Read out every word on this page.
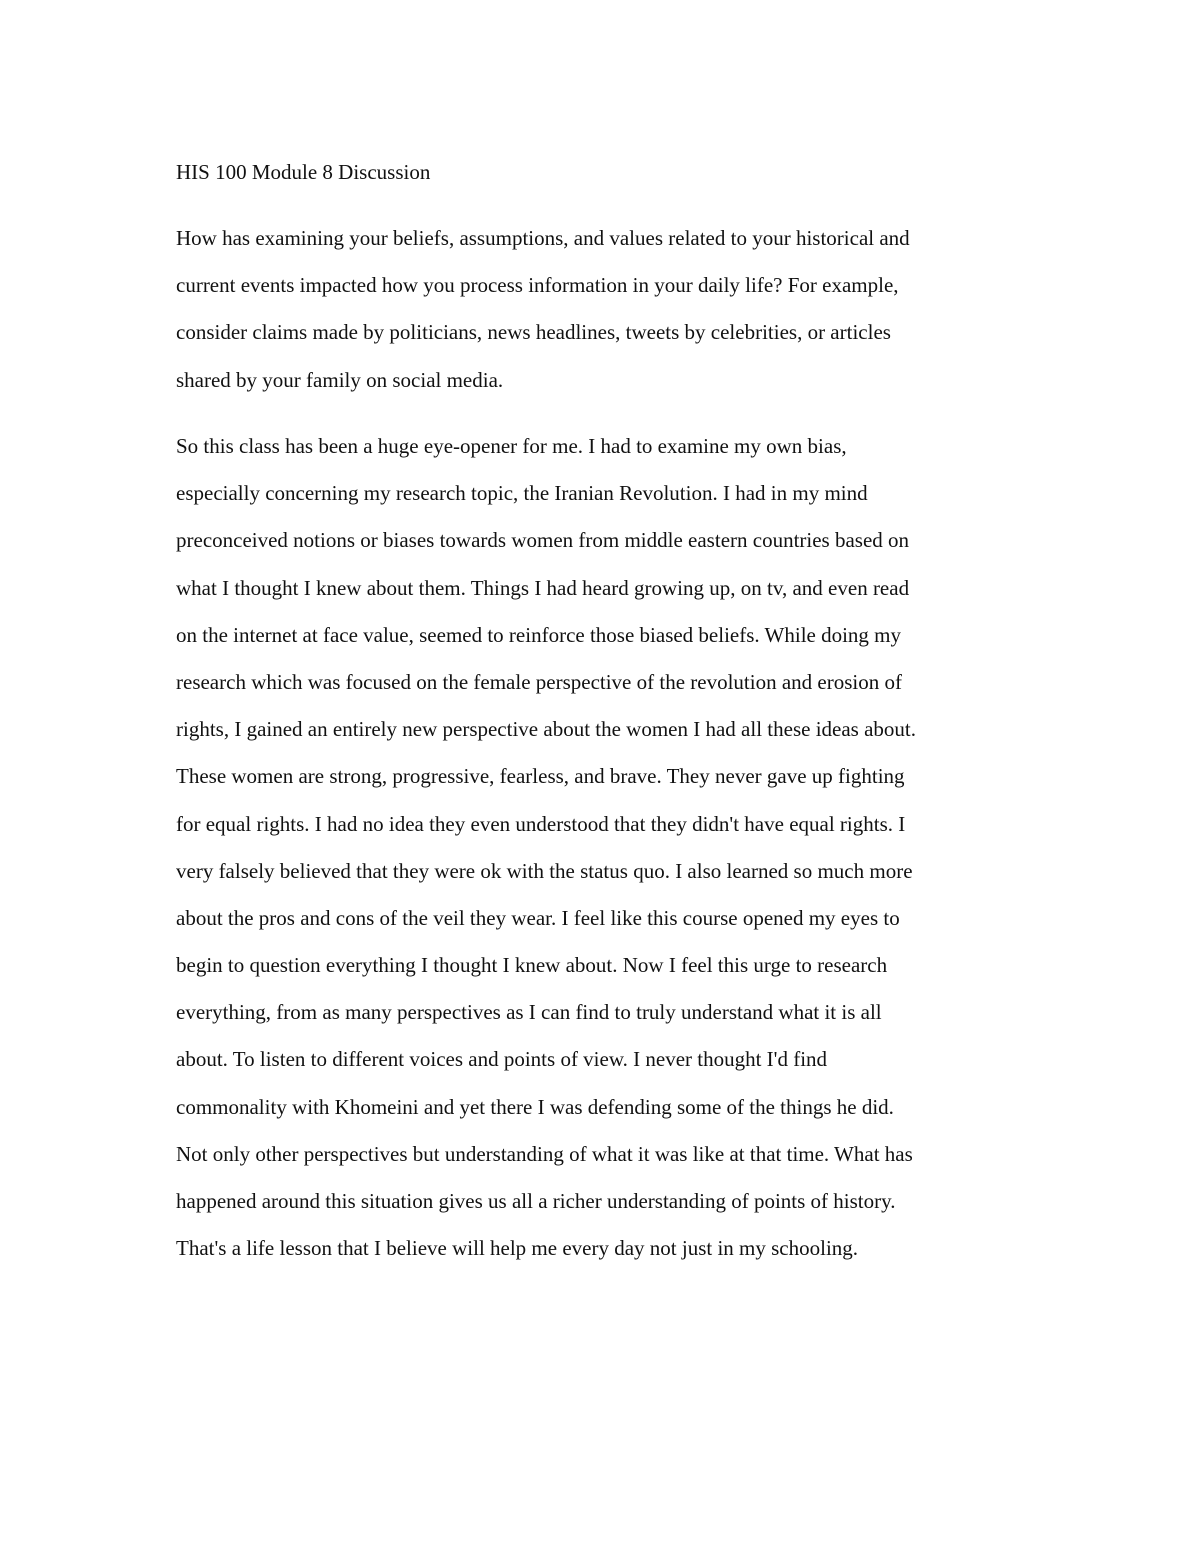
HIS 100 Module 8 Discussion
How has examining your beliefs, assumptions, and values related to your historical and
current events impacted how you process information in your daily life? For example,
consider claims made by politicians, news headlines, tweets by celebrities, or articles
shared by your family on social media.
So this class has been a huge eye-opener for me. I had to examine my own bias,
especially concerning my research topic, the Iranian Revolution. I had in my mind
preconceived notions or biases towards women from middle eastern countries based on
what I thought I knew about them. Things I had heard growing up, on tv, and even read
on the internet at face value, seemed to reinforce those biased beliefs. While doing my
research which was focused on the female perspective of the revolution and erosion of
rights, I gained an entirely new perspective about the women I had all these ideas about.
These women are strong, progressive, fearless, and brave. They never gave up fighting
for equal rights. I had no idea they even understood that they didn't have equal rights. I
very falsely believed that they were ok with the status quo. I also learned so much more
about the pros and cons of the veil they wear. I feel like this course opened my eyes to
begin to question everything I thought I knew about. Now I feel this urge to research
everything, from as many perspectives as I can find to truly understand what it is all
about. To listen to different voices and points of view. I never thought I'd find
commonality with Khomeini and yet there I was defending some of the things he did.
Not only other perspectives but understanding of what it was like at that time. What has
happened around this situation gives us all a richer understanding of points of history.
That's a life lesson that I believe will help me every day not just in my schooling.
